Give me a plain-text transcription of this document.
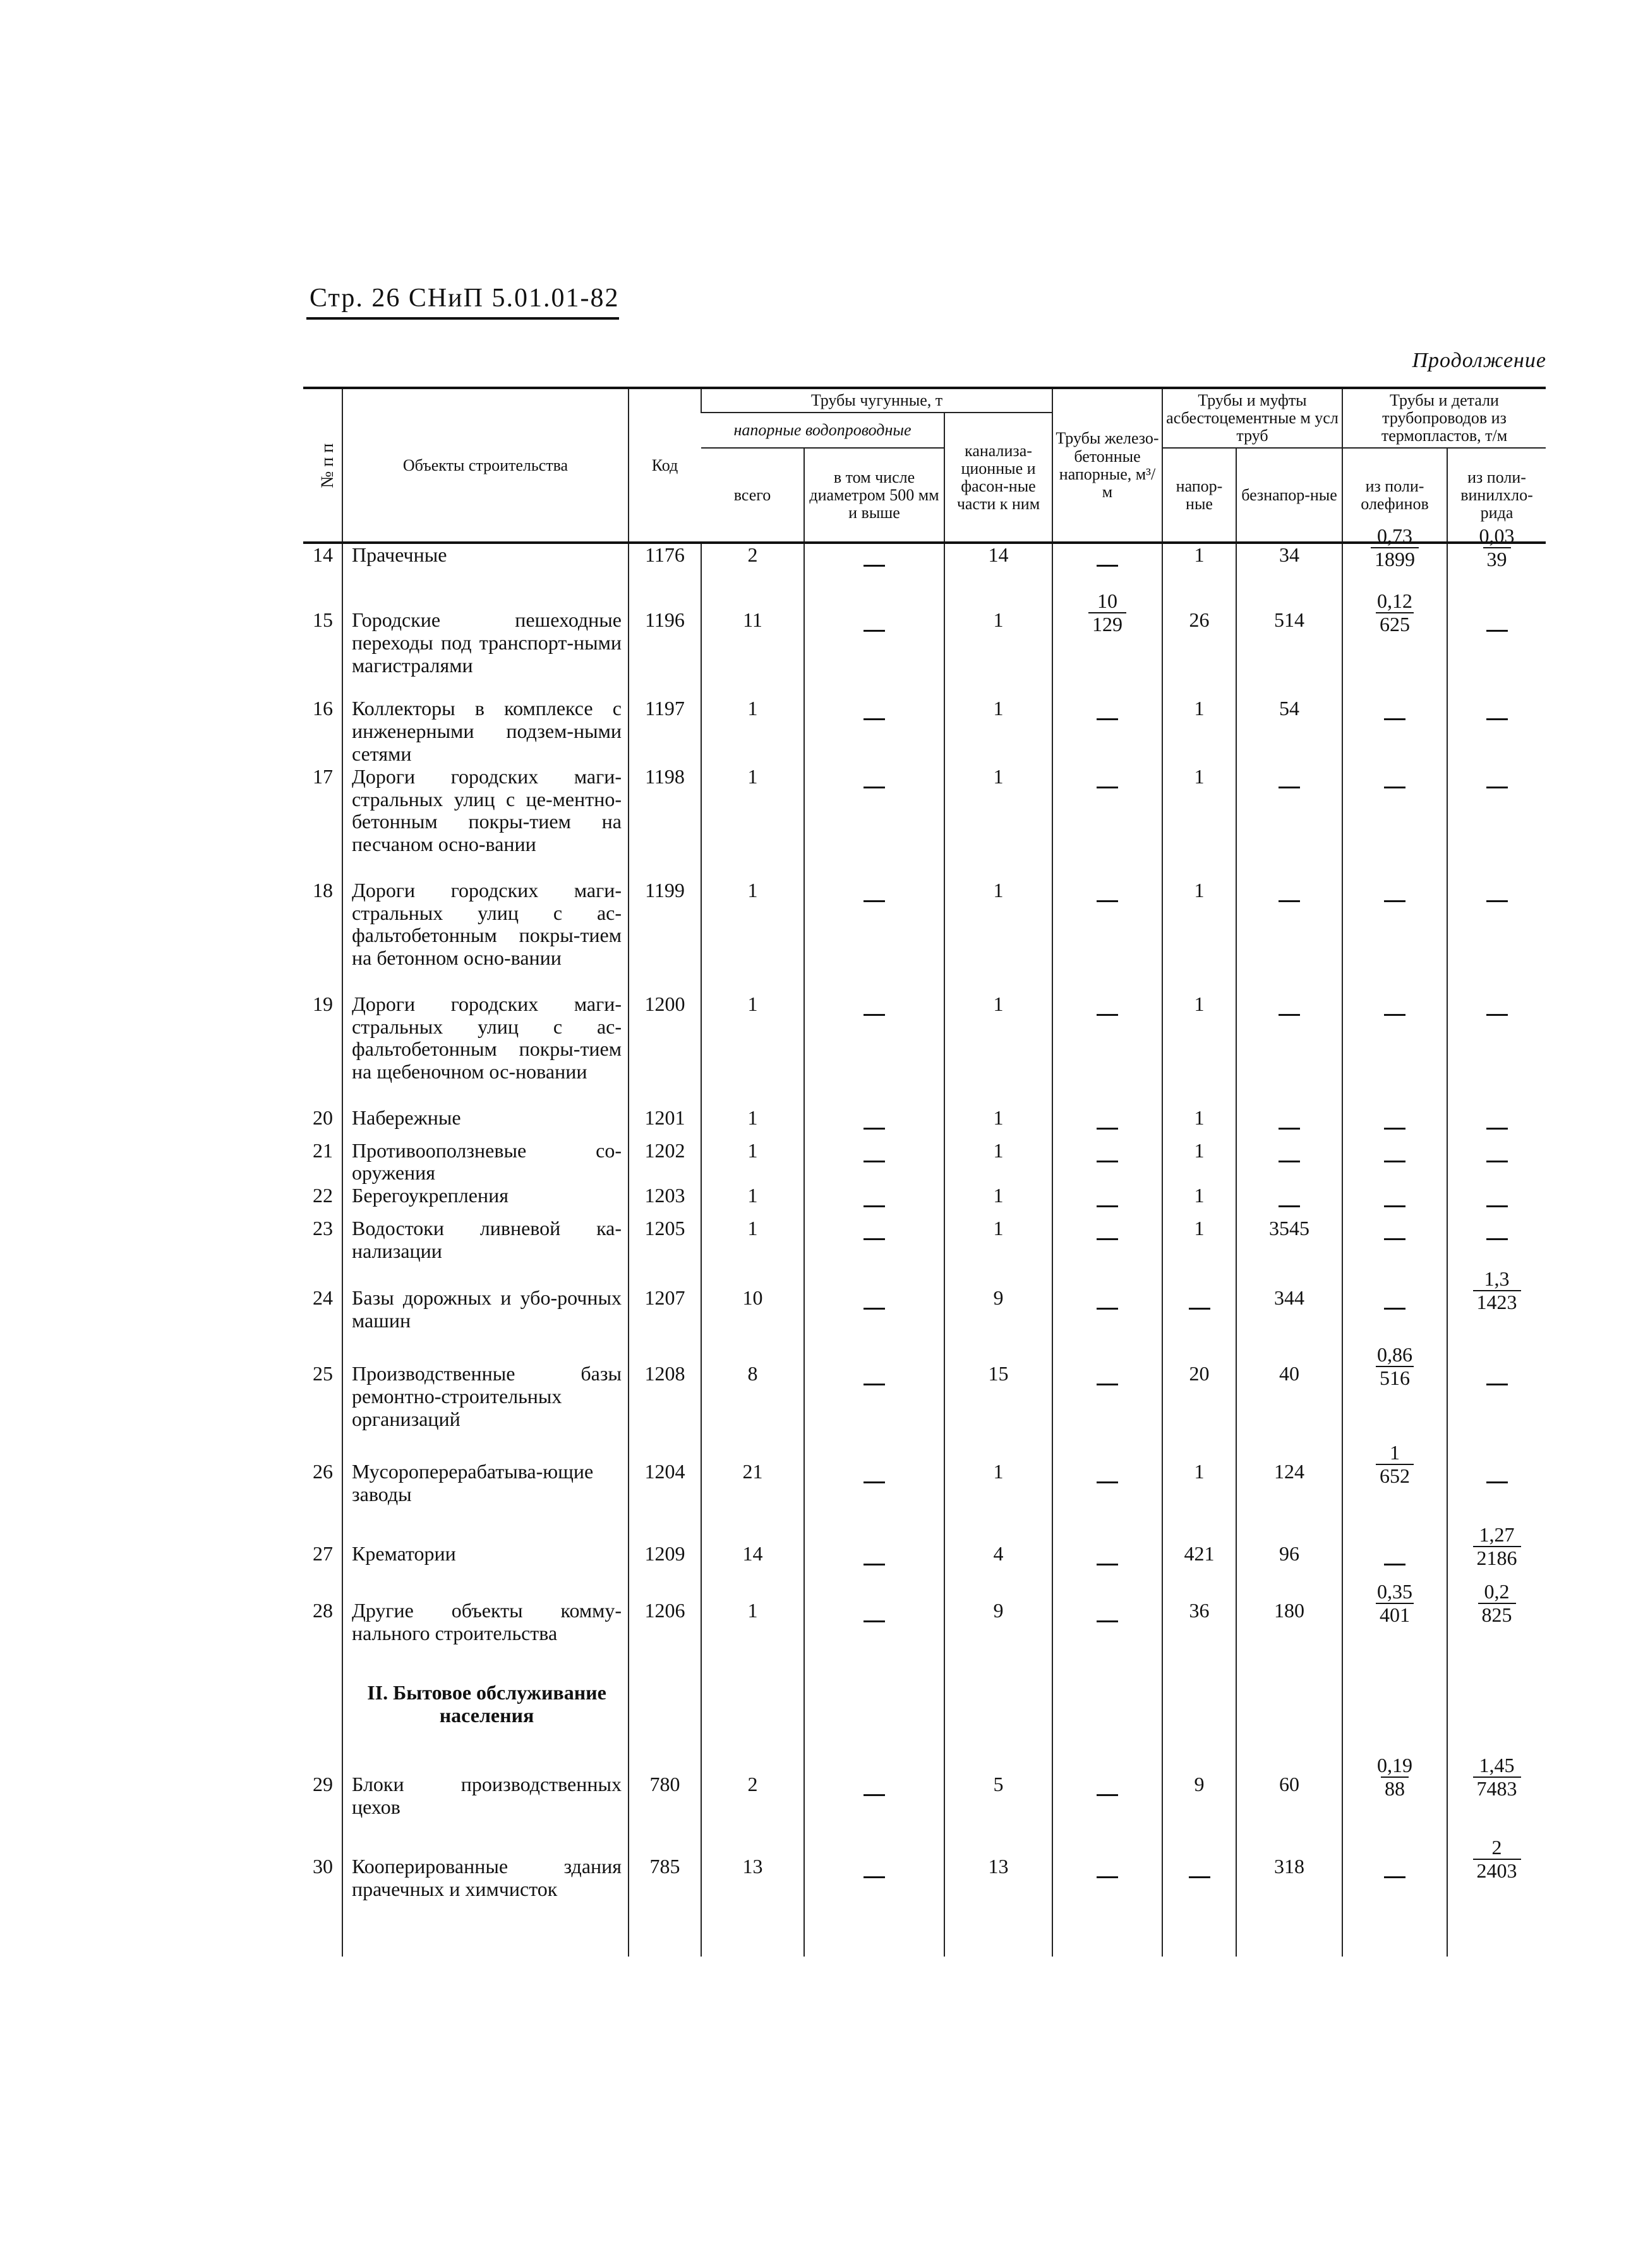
Стр. 26 СНиП 5.01.01-82
Продолжение
№ п п	Объекты строительства	Код	Трубы чугунные, т			Трубы железо-бетонные напорные, м³/м	Трубы и муфты асбестоцементные м усл труб		Трубы и детали трубопроводов из термопластов, т/м	
			напорные водопроводные		канализа-ционные и фасон-ные части к ним					
			всего	в том числе диаметром 500 мм и выше			напор-ные	безнапор-ные	из поли-олефинов	из поли-винилхло-рида
14	Прачечные	1176	2		14		1	34	$\frac{0,73}{1899}$	$\frac{0,03}{39}$

15	Городские пешеходные переходы под транспорт-ными магистралями	1196	11		1	$\frac{10}{129}$	26	514	$\frac{0,12}{625}$

16	Коллекторы в комплексе с инженерными подзем-ными сетями	1197	1		1		1	54		
17	Дороги городских маги-стральных улиц с це-ментно-бетонным покры-тием на песчаном осно-вании	1198	1		1		1			
18	Дороги городских маги-стральных улиц с ас-фальтобетонным покры-тием на бетонном осно-вании	1199	1		1		1			
19	Дороги городских маги-стральных улиц с ас-фальтобетонным покры-тием на щебеночном ос-новании	1200	1		1		1			
20	Набережные	1201	1		1		1			
21	Противооползневые со-оружения	1202	1		1		1			
22	Берегоукрепления	1203	1		1		1			
23	Водостоки ливневой ка-нализации	1205	1		1		1	3545		
24	Базы дорожных и убо-рочных машин	1207	10		9			344		$\frac{1,3}{1423}$

25	Производственные базы ремонтно-строительных организаций	1208	8		15		20	40	$\frac{0,86}{516}$

26	Мусороперерабатыва-ющие заводы	1204	21		1		1	124	$\frac{1}{652}$

27	Крематории	1209	14		4		421	96		$\frac{1,27}{2186}$

28	Другие объекты комму-нального строительства	1206	1		9		36	180	$\frac{0,35}{401}$	$\frac{0,2}{825}$

	II. Бытовое обслуживание населения									
29	Блоки производственных цехов	780	2		5		9	60	$\frac{0,19}{88}$	$\frac{1,45}{7483}$

30	Кооперированные здания прачечных и химчисток	785	13		13			318		$\frac{2}{2403}$
